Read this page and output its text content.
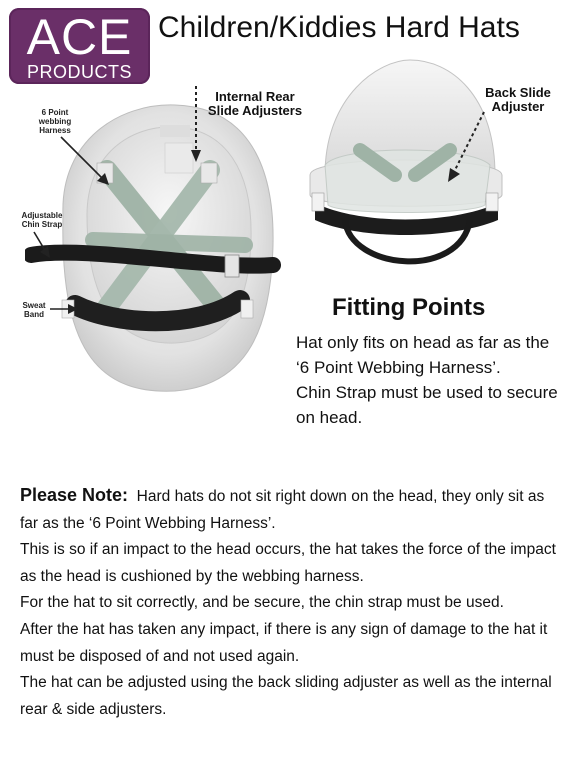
ACE
PRODUCTS
Children/Kiddies Hard Hats
6 Point
webbing
Harness
Internal Rear
Slide Adjusters
Adjustable
Chin Strap
Sweat
Band
Back Slide
Adjuster
Fitting Points

Hat only fits on head as far as the ‘6 Point Webbing Harness’.

Chin Strap must be used to secure on head.

Please Note: Hard hats do not sit right down on the head, they only sit as far as the ‘6 Point Webbing Harness’.

This is so if an impact to the head occurs, the hat takes the force of the impact as the head is cushioned by the webbing harness.

For the hat to sit correctly, and be secure, the chin strap must be used.

After the hat has taken any impact, if there is any sign of damage to the hat it must be disposed of and not used again.

The hat can be adjusted using the back sliding adjuster as well as the internal rear & side adjusters.
